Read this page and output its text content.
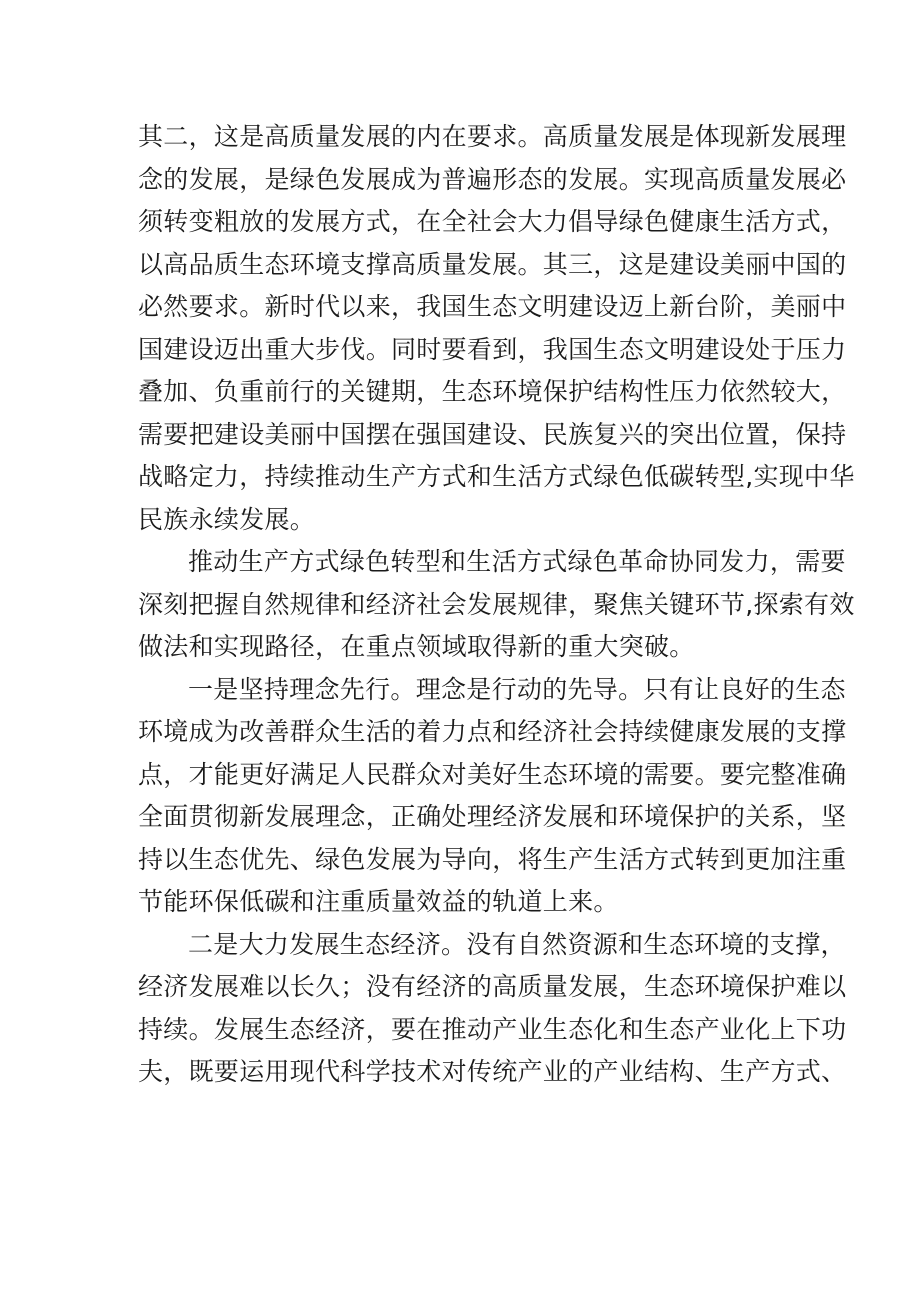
其二，这是高质量发展的内在要求。高质量发展是体现新发展理
念的发展，是绿色发展成为普遍形态的发展。实现高质量发展必
须转变粗放的发展方式，在全社会大力倡导绿色健康生活方式，
以高品质生态环境支撑高质量发展。其三，这是建设美丽中国的
必然要求。新时代以来，我国生态文明建设迈上新台阶，美丽中
国建设迈出重大步伐。同时要看到，我国生态文明建设处于压力
叠加、负重前行的关键期，生态环境保护结构性压力依然较大，
需要把建设美丽中国摆在强国建设、民族复兴的突出位置，保持
战略定力，持续推动生产方式和生活方式绿色低碳转型,实现中华
民族永续发展。
推动生产方式绿色转型和生活方式绿色革命协同发力，需要
深刻把握自然规律和经济社会发展规律，聚焦关键环节,探索有效
做法和实现路径，在重点领域取得新的重大突破。
一是坚持理念先行。理念是行动的先导。只有让良好的生态
环境成为改善群众生活的着力点和经济社会持续健康发展的支撑
点，才能更好满足人民群众对美好生态环境的需要。要完整准确
全面贯彻新发展理念，正确处理经济发展和环境保护的关系，坚
持以生态优先、绿色发展为导向，将生产生活方式转到更加注重
节能环保低碳和注重质量效益的轨道上来。
二是大力发展生态经济。没有自然资源和生态环境的支撑，
经济发展难以长久；没有经济的高质量发展，生态环境保护难以
持续。发展生态经济，要在推动产业生态化和生态产业化上下功
夫，既要运用现代科学技术对传统产业的产业结构、生产方式、
